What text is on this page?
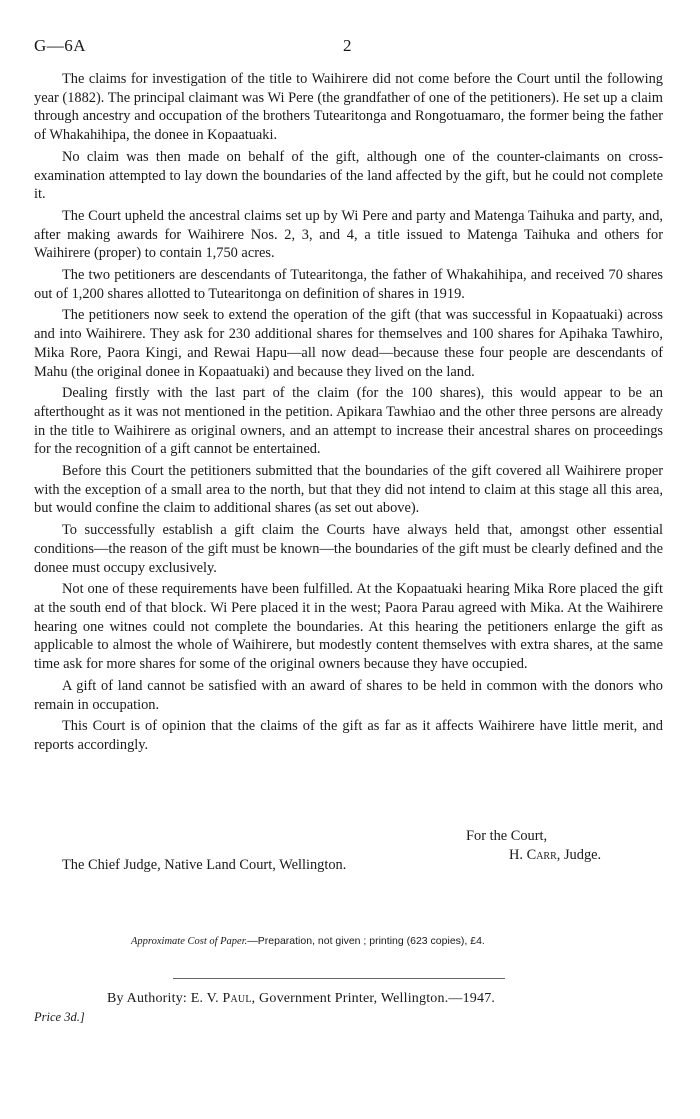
G—6A	2

The claims for investigation of the title to Waihirere did not come before the Court until the following year (1882). The principal claimant was Wi Pere (the grandfather of one of the petitioners). He set up a claim through ancestry and occupation of the brothers Tutearitonga and Rongotuamaro, the former being the father of Whakahihipa, the donee in Kopaatuaki.

No claim was then made on behalf of the gift, although one of the counter-claimants on cross-examination attempted to lay down the boundaries of the land affected by the gift, but he could not complete it.

The Court upheld the ancestral claims set up by Wi Pere and party and Matenga Taihuka and party, and, after making awards for Waihirere Nos. 2, 3, and 4, a title issued to Matenga Taihuka and others for Waihirere (proper) to contain 1,750 acres.

The two petitioners are descendants of Tutearitonga, the father of Whakahihipa, and received 70 shares out of 1,200 shares allotted to Tutearitonga on definition of shares in 1919.

The petitioners now seek to extend the operation of the gift (that was successful in Kopaatuaki) across and into Waihirere. They ask for 230 additional shares for themselves and 100 shares for Apihaka Tawhiro, Mika Rore, Paora Kingi, and Rewai Hapu—all now dead—because these four people are descendants of Mahu (the original donee in Kopaatuaki) and because they lived on the land.

Dealing firstly with the last part of the claim (for the 100 shares), this would appear to be an afterthought as it was not mentioned in the petition. Apikara Tawhiao and the other three persons are already in the title to Waihirere as original owners, and an attempt to increase their ancestral shares on proceedings for the recognition of a gift cannot be entertained.

Before this Court the petitioners submitted that the boundaries of the gift covered all Waihirere proper with the exception of a small area to the north, but that they did not intend to claim at this stage all this area, but would confine the claim to additional shares (as set out above).

To successfully establish a gift claim the Courts have always held that, amongst other essential conditions—the reason of the gift must be known—the boundaries of the gift must be clearly defined and the donee must occupy exclusively.

Not one of these requirements have been fulfilled. At the Kopaatuaki hearing Mika Rore placed the gift at the south end of that block. Wi Pere placed it in the west; Paora Parau agreed with Mika. At the Waihirere hearing one witnes could not complete the boundaries. At this hearing the petitioners enlarge the gift as applicable to almost the whole of Waihirere, but modestly content themselves with extra shares, at the same time ask for more shares for some of the original owners because they have occupied.

A gift of land cannot be satisfied with an award of shares to be held in common with the donors who remain in occupation.

This Court is of opinion that the claims of the gift as far as it affects Waihirere have little merit, and reports accordingly.

For the Court,
H. Carr, Judge.
The Chief Judge, Native Land Court, Wellington.
Approximate Cost of Paper.—Preparation, not given ; printing (623 copies), £4.
By Authority: E. V. Paul, Government Printer, Wellington.—1947.
Price 3d.]
